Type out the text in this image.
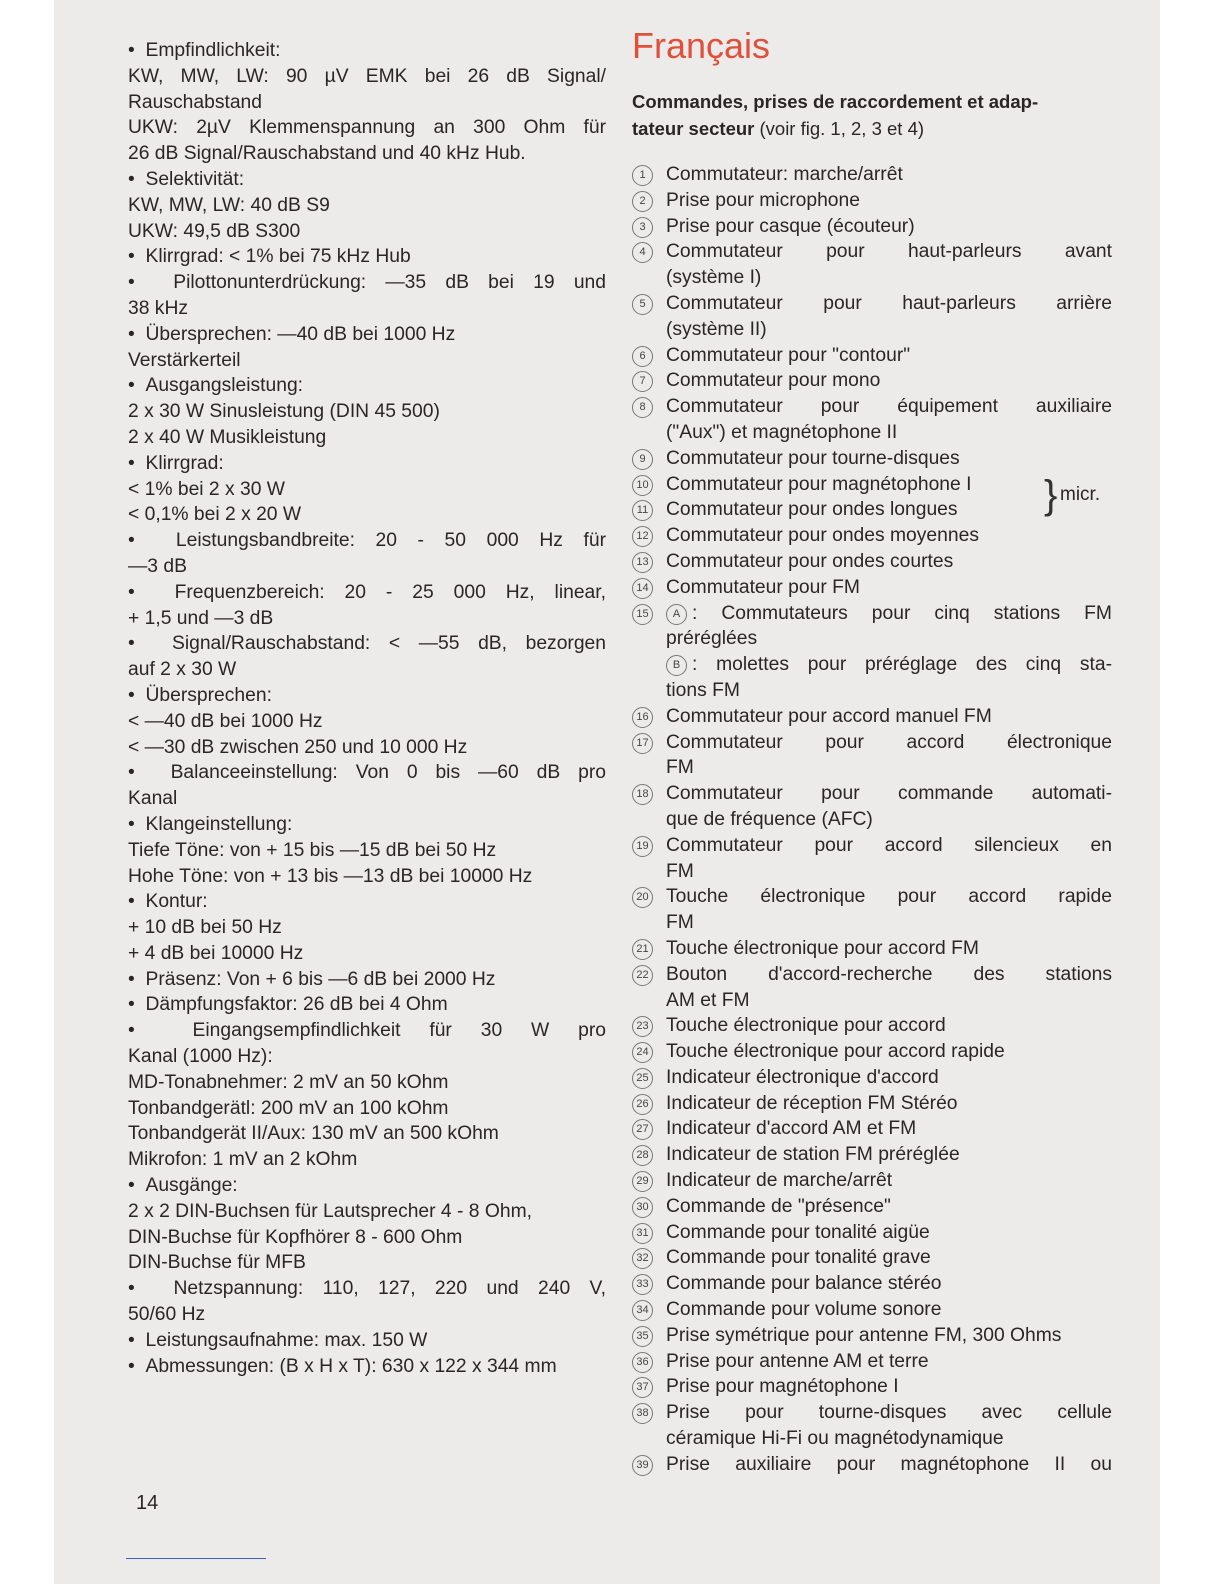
•  Empfindlichkeit:
KW, MW, LW: 90 µV EMK bei 26 dB Signal/
Rauschabstand
UKW: 2µV Klemmenspannung an 300 Ohm für
26 dB Signal/Rauschabstand und 40 kHz Hub.
•  Selektivität:
KW, MW, LW: 40 dB S9
UKW: 49,5 dB S300
•  Klirrgrad: < 1% bei 75 kHz Hub
•  Pilottonunterdrückung: —35 dB bei 19 und
38 kHz
•  Übersprechen: —40 dB bei 1000 Hz
Verstärkerteil
•  Ausgangsleistung:
2 x 30 W Sinusleistung (DIN 45 500)
2 x 40 W Musikleistung
•  Klirrgrad:
< 1% bei 2 x 30 W
< 0,1% bei 2 x 20 W
•  Leistungsbandbreite: 20 - 50 000 Hz für
—3 dB
•  Frequenzbereich: 20 - 25 000 Hz, linear,
+ 1,5 und —3 dB
•  Signal/Rauschabstand: < —55 dB, bezorgen
auf 2 x 30 W
•  Übersprechen:
< —40 dB bei 1000 Hz
< —30 dB zwischen 250 und 10 000 Hz
•  Balanceeinstellung: Von 0 bis —60 dB pro
Kanal
•  Klangeinstellung:
Tiefe Töne: von + 15 bis —15 dB bei 50 Hz
Hohe Töne: von + 13 bis —13 dB bei 10000 Hz
•  Kontur:
+ 10 dB bei 50 Hz
+ 4 dB bei 10000 Hz
•  Präsenz: Von + 6 bis —6 dB bei 2000 Hz
•  Dämpfungsfaktor: 26 dB bei 4 Ohm
•  Eingangsempfindlichkeit für 30 W pro
Kanal (1000 Hz):
MD-Tonabnehmer: 2 mV an 50 kOhm
Tonbandgerätl: 200 mV an 100 kOhm
Tonbandgerät II/Aux: 130 mV an 500 kOhm
Mikrofon: 1 mV an 2 kOhm
•  Ausgänge:
2 x 2 DIN-Buchsen für Lautsprecher 4 - 8 Ohm,
DIN-Buchse für Kopfhörer 8 - 600 Ohm
DIN-Buchse für MFB
•  Netzspannung: 110, 127, 220 und 240 V,
50/60 Hz
•  Leistungsaufnahme: max. 150 W
•  Abmessungen: (B x H x T): 630 x 122 x 344 mm
Français
Commandes, prises de raccordement et adap-
tateur secteur (voir fig. 1, 2, 3 et 4)
1	Commutateur: marche/arrêt
2	Prise pour microphone
3	Prise pour casque (écouteur)
4	Commutateur pour haut-parleurs avant
(système I)
5	Commutateur pour haut-parleurs arrière
(système II)
6	Commutateur pour "contour"
7	Commutateur pour mono
8	Commutateur pour équipement auxiliaire
("Aux") et magnétophone II
9	Commutateur pour tourne-disques
10 Commutateur pour magnétophone I
11 Commutateur pour ondes longues
12 Commutateur pour ondes moyennes
13 Commutateur pour ondes courtes
14 Commutateur pour FM
15	A : Commutateurs pour cinq stations FM
préréglées
B : molettes pour préréglage des cinq sta-
tions FM
16 Commutateur pour accord manuel FM
17 Commutateur pour accord électronique
FM
18 Commutateur pour commande automati-
que de fréquence (AFC)
19 Commutateur pour accord silencieux en
FM
20 Touche électronique pour accord rapide
FM
21 Touche électronique pour accord FM
22 Bouton d'accord-recherche des stations
AM et FM
23 Touche électronique pour accord
24 Touche électronique pour accord rapide
25 Indicateur électronique d'accord
26 Indicateur de réception FM Stéréo
27 Indicateur d'accord AM et FM
28 Indicateur de station FM préréglée
29 Indicateur de marche/arrêt
30 Commande de "présence"
31 Commande pour tonalité aigüe
32 Commande pour tonalité grave
33 Commande pour balance stéréo
34 Commande pour volume sonore
35 Prise symétrique pour antenne FM, 300 Ohms
36 Prise pour antenne AM et terre
37 Prise pour magnétophone I
38 Prise pour tourne-disques avec cellule
céramique Hi-Fi ou magnétodynamique
39 Prise auxiliaire pour magnétophone II ou
} micr.
14
